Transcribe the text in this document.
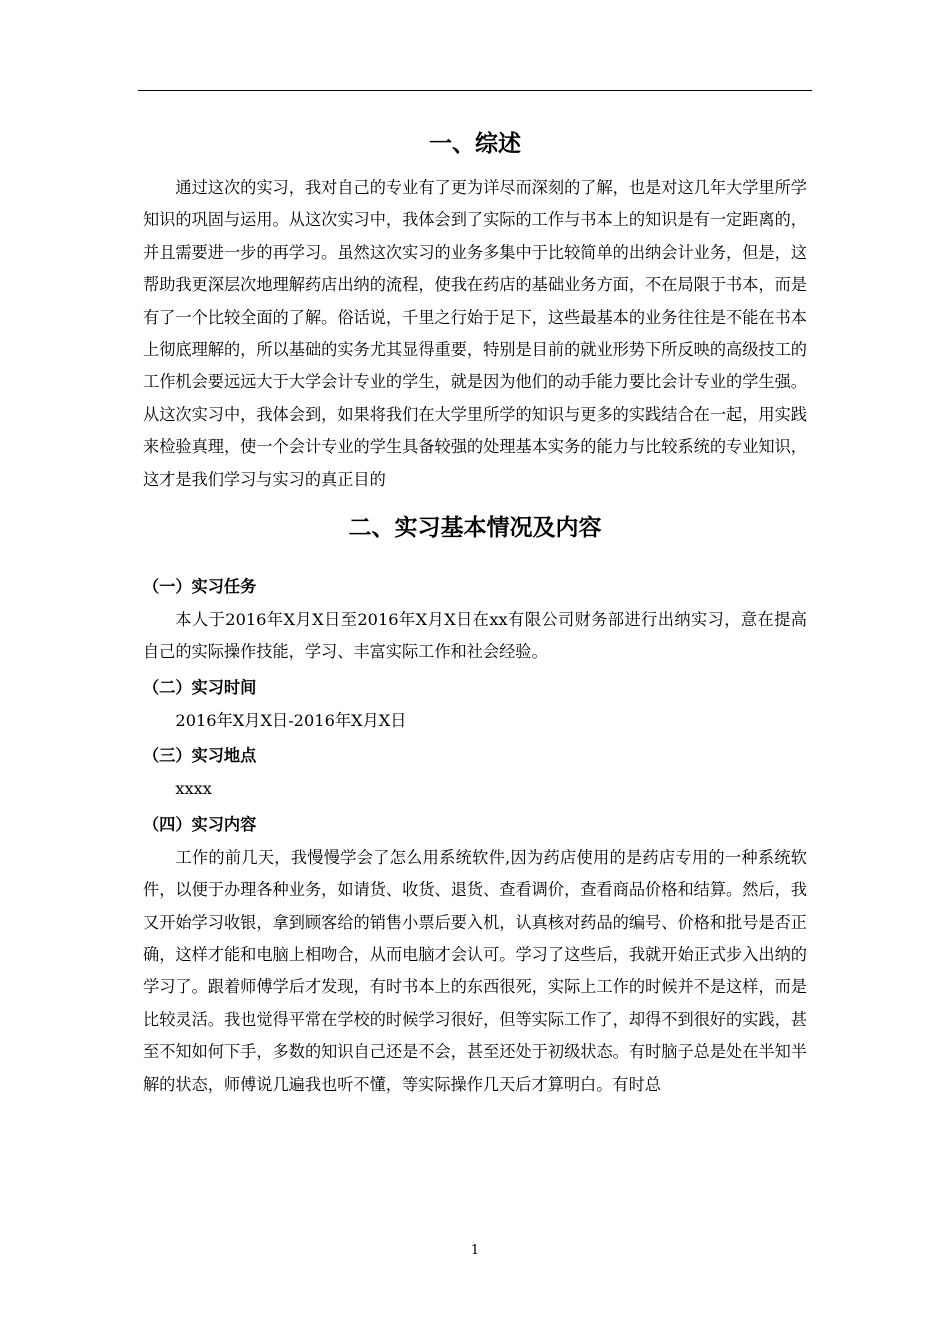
一、综述

通过这次的实习，我对自己的专业有了更为详尽而深刻的了解，也是对这几年大学里所学知识的巩固与运用。从这次实习中，我体会到了实际的工作与书本上的知识是有一定距离的，并且需要进一步的再学习。虽然这次实习的业务多集中于比较简单的出纳会计业务，但是，这帮助我更深层次地理解药店出纳的流程，使我在药店的基础业务方面，不在局限于书本，而是有了一个比较全面的了解。俗话说，千里之行始于足下，这些最基本的业务往往是不能在书本上彻底理解的，所以基础的实务尤其显得重要，特别是目前的就业形势下所反映的高级技工的工作机会要远远大于大学会计专业的学生，就是因为他们的动手能力要比会计专业的学生强。从这次实习中，我体会到，如果将我们在大学里所学的知识与更多的实践结合在一起，用实践来检验真理，使一个会计专业的学生具备较强的处理基本实务的能力与比较系统的专业知识，这才是我们学习与实习的真正目的

二、实习基本情况及内容
（一）实习任务

本人于2016年X月X日至2016年X月X日在xx有限公司财务部进行出纳实习，意在提高自己的实际操作技能，学习、丰富实际工作和社会经验。

（二）实习时间

2016年X月X日-2016年X月X日

（三）实习地点

xxxx

（四）实习内容

工作的前几天，我慢慢学会了怎么用系统软件,因为药店使用的是药店专用的一种系统软件，以便于办理各种业务，如请货、收货、退货、查看调价，查看商品价格和结算。然后，我又开始学习收银，拿到顾客给的销售小票后要入机，认真核对药品的编号、价格和批号是否正确，这样才能和电脑上相吻合，从而电脑才会认可。学习了这些后，我就开始正式步入出纳的学习了。跟着师傅学后才发现，有时书本上的东西很死，实际上工作的时候并不是这样，而是比较灵活。我也觉得平常在学校的时候学习很好，但等实际工作了，却得不到很好的实践，甚至不知如何下手，多数的知识自己还是不会，甚至还处于初级状态。有时脑子总是处在半知半解的状态，师傅说几遍我也听不懂，等实际操作几天后才算明白。有时总

1
